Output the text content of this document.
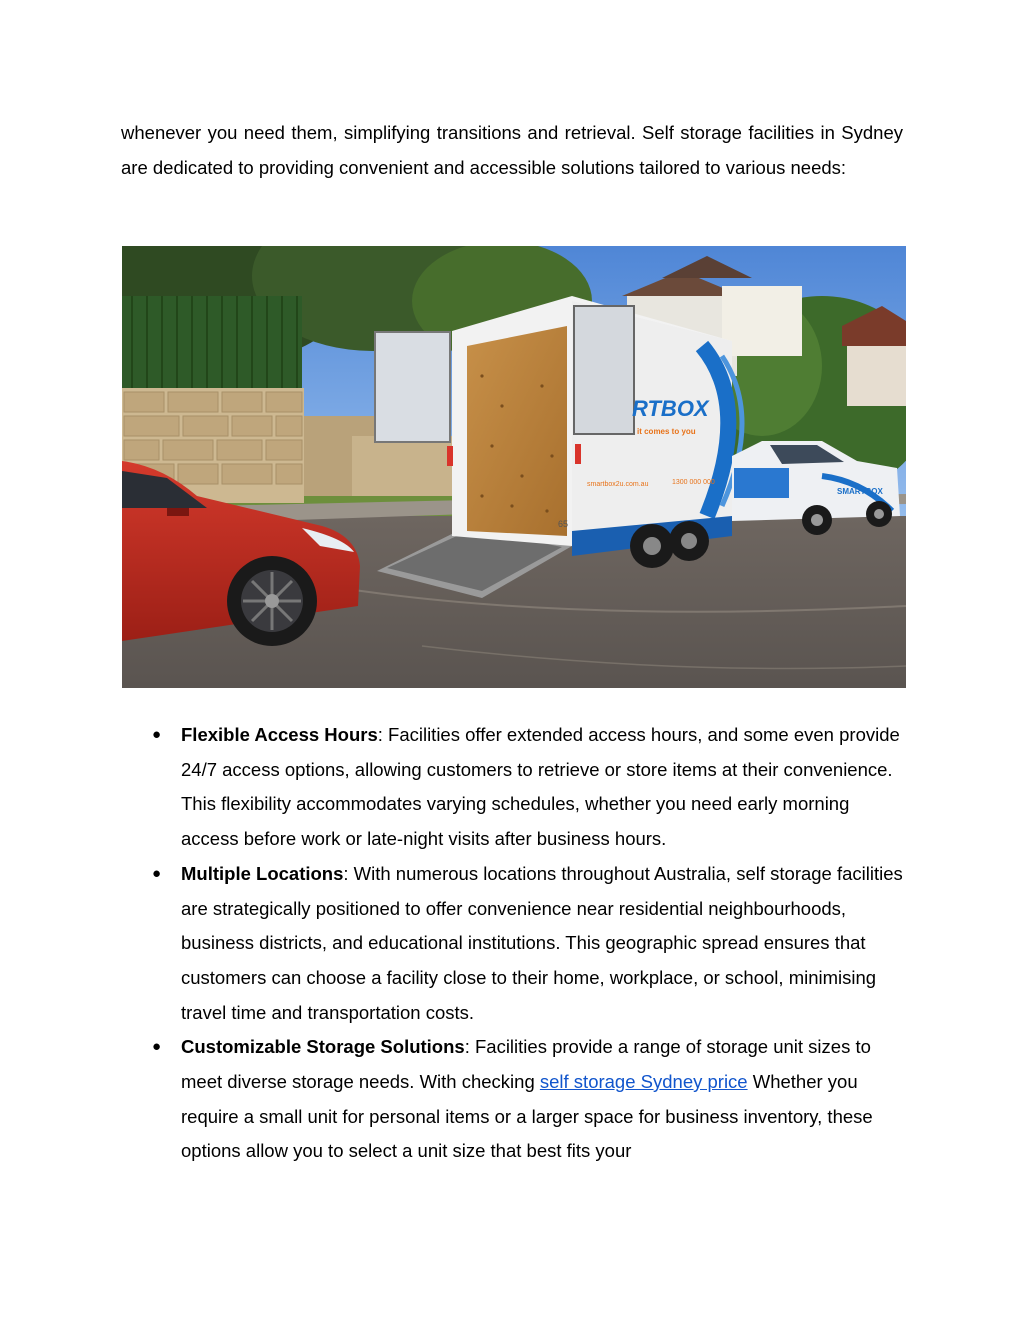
whenever you need them, simplifying transitions and retrieval. Self storage facilities in Sydney are dedicated to providing convenient and accessible solutions tailored to various needs:

RTBOX
it comes to you
smartbox2u.com.au	1300 000 000
65
SMARTBOX
● Flexible Access Hours: Facilities offer extended access hours, and some even provide 24/7 access options, allowing customers to retrieve or store items at their convenience. This flexibility accommodates varying schedules, whether you need early morning access before work or late-night visits after business hours.
● Multiple Locations: With numerous locations throughout Australia, self storage facilities are strategically positioned to offer convenience near residential neighbourhoods, business districts, and educational institutions. This geographic spread ensures that customers can choose a facility close to their home, workplace, or school, minimising travel time and transportation costs.
● Customizable Storage Solutions: Facilities provide a range of storage unit sizes to meet diverse storage needs. With checking self storage Sydney price Whether you require a small unit for personal items or a larger space for business inventory, these options allow you to select a unit size that best fits your
